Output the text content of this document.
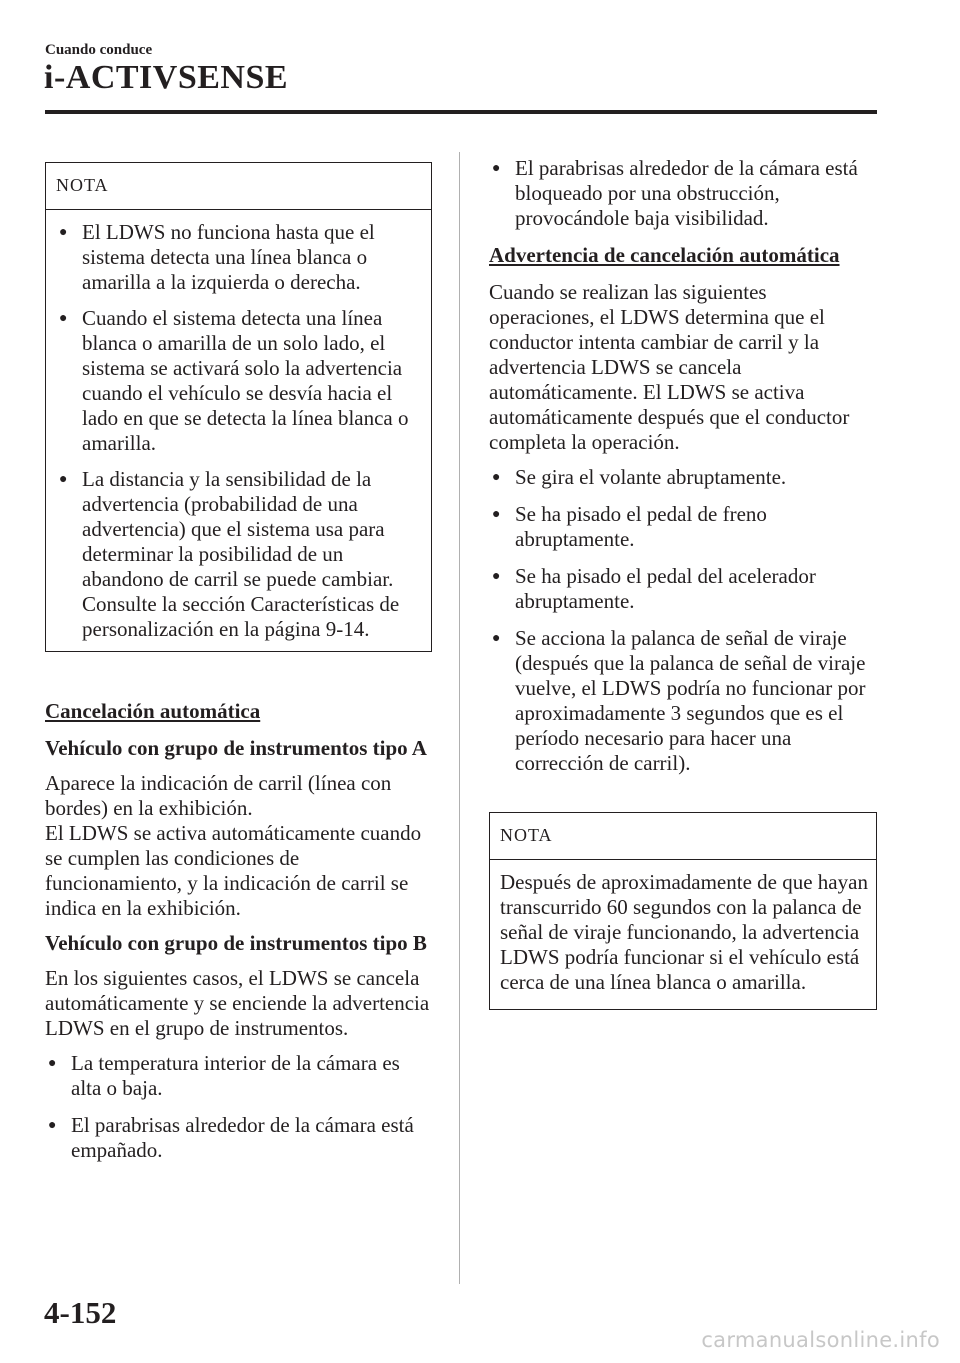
Cuando conduce
i-ACTIVSENSE
NOTA
● El LDWS no funciona hasta que el sistema detecta una línea blanca o amarilla a la izquierda o derecha.
● Cuando el sistema detecta una línea blanca o amarilla de un solo lado, el sistema se activará solo la advertencia cuando el vehículo se desvía hacia el lado en que se detecta la línea blanca o amarilla.
● La distancia y la sensibilidad de la advertencia (probabilidad de una advertencia) que el sistema usa para determinar la posibilidad de un abandono de carril se puede cambiar. Consulte la sección Características de personalización en la página 9-14.
Cancelación automática
Vehículo con grupo de instrumentos tipo A
Aparece la indicación de carril (línea con bordes) en la exhibición.
El LDWS se activa automáticamente cuando se cumplen las condiciones de funcionamiento, y la indicación de carril se indica en la exhibición.
Vehículo con grupo de instrumentos tipo B

En los siguientes casos, el LDWS se cancela automáticamente y se enciende la advertencia LDWS en el grupo de instrumentos.

● La temperatura interior de la cámara es alta o baja.
● El parabrisas alrededor de la cámara está empañado.
● El parabrisas alrededor de la cámara está bloqueado por una obstrucción, provocándole baja visibilidad.
Advertencia de cancelación automática

Cuando se realizan las siguientes operaciones, el LDWS determina que el conductor intenta cambiar de carril y la advertencia LDWS se cancela automáticamente. El LDWS se activa automáticamente después que el conductor completa la operación.

● Se gira el volante abruptamente.
● Se ha pisado el pedal de freno abruptamente.
● Se ha pisado el pedal del acelerador abruptamente.
● Se acciona la palanca de señal de viraje (después que la palanca de señal de viraje vuelve, el LDWS podría no funcionar por aproximadamente 3 segundos que es el período necesario para hacer una corrección de carril).
NOTA
Después de aproximadamente de que hayan transcurrido 60 segundos con la palanca de señal de viraje funcionando, la advertencia LDWS podría funcionar si el vehículo está cerca de una línea blanca o amarilla.
4-152
carmanualsonline.info
